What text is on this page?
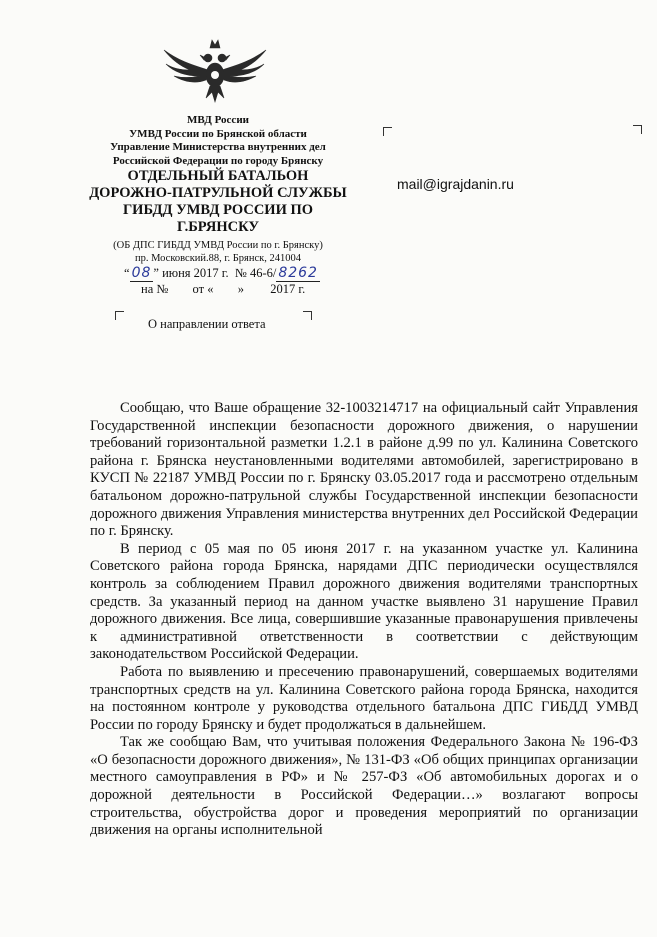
МВД России
УМВД России по Брянской области
Управление Министерства внутренних дел
Российской Федерации по городу Брянску
ОТДЕЛЬНЫЙ БАТАЛЬОН
ДОРОЖНО-ПАТРУЛЬНОЙ СЛУЖБЫ
ГИБДД УМВД РОССИИ ПО
Г.БРЯНСКУ
(ОБ ДПС ГИБДД УМВД России по г. Брянску)
пр. Московский.88, г. Брянск, 241004
“ 08 ” июня 2017 г. № 46-6/ 8262
на № от « » 2017 г.
О направлении ответа
mail@igrajdanin.ru

Сообщаю, что Ваше обращение 32-1003214717 на официальный сайт Управления Государственной инспекции безопасности дорожного движения, о нарушении требований горизонтальной разметки 1.2.1 в районе д.99 по ул. Калинина Советского района г. Брянска неустановленными водителями автомобилей, зарегистрировано в КУСП № 22187 УМВД России по г. Брянску 03.05.2017 года и рассмотрено отдельным батальоном дорожно-патрульной службы Государственной инспекции безопасности дорожного движения Управления министерства внутренних дел Российской Федерации по г. Брянску.

В период с 05 мая по 05 июня 2017 г. на указанном участке ул. Калинина Советского района города Брянска, нарядами ДПС периодически осуществлялся контроль за соблюдением Правил дорожного движения водителями транспортных средств. За указанный период на данном участке выявлено 31 нарушение Правил дорожного движения. Все лица, совершившие указанные правонарушения привлечены к административной ответственности в соответствии с действующим законодательством Российской Федерации.

Работа по выявлению и пресечению правонарушений, совершаемых водителями транспортных средств на ул. Калинина Советского района города Брянска, находится на постоянном контроле у руководства отдельного батальона ДПС ГИБДД УМВД России по городу Брянску и будет продолжаться в дальнейшем.

Так же сообщаю Вам, что учитывая положения Федерального Закона № 196-ФЗ «О безопасности дорожного движения», № 131-ФЗ «Об общих принципах организации местного самоуправления в РФ» и № 257-ФЗ «Об автомобильных дорогах и о дорожной деятельности в Российской Федерации…» возлагают вопросы строительства, обустройства дорог и проведения мероприятий по организации движения на органы исполнительной
